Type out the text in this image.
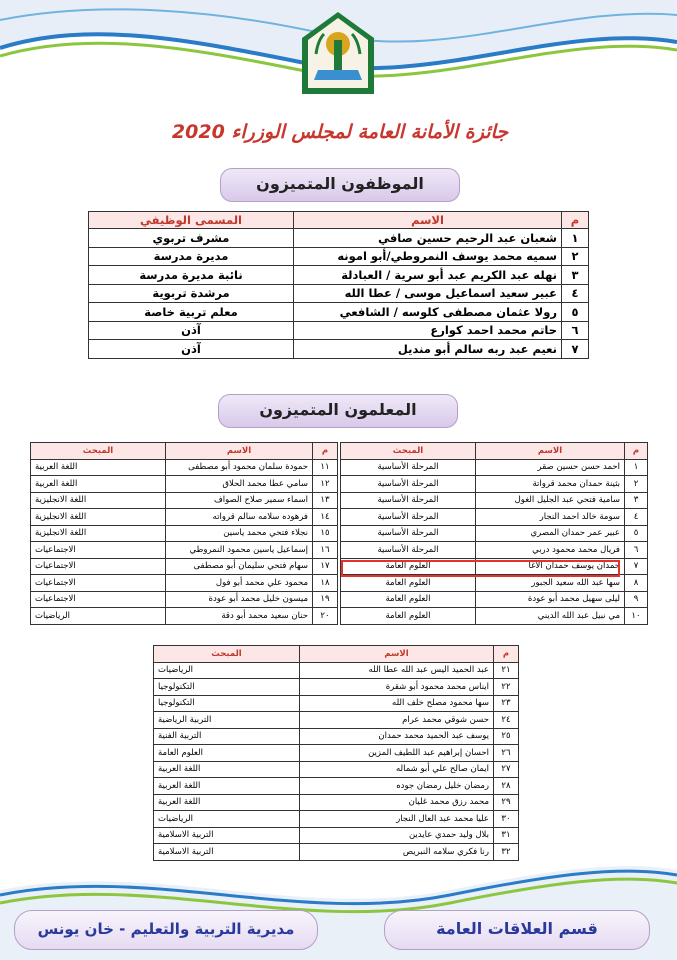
جائزة الأمانة العامة لمجلس الوزراء 2020
الموظفون المتميزون
م	الاسم	المسمى الوظيفي
١	شعبان عبد الرحيم حسين صافي	مشرف تربوي
٢	سميه محمد يوسف النمروطي/أبو امونه	مديرة مدرسة
٣	نهله عبد الكريم عبد أبو سرية / العبادلة	نائبة مديرة مدرسة
٤	عبير سعيد اسماعيل موسى / عطا الله	مرشدة تربوية
٥	رولا عثمان مصطفى كلوسه / الشافعي	معلم تربية خاصة
٦	حاتم محمد احمد كوارع	آذن
٧	نعيم عبد ربه سالم أبو منديل	آذن
المعلمون المتميزون
م	الاسم	المبحث
١	احمد حسن حسين صقر	المرحلة الأساسية
٢	بثينة حمدان محمد قرواتة	المرحلة الأساسية
٣	سامية فتحي عبد الجليل الغول	المرحلة الأساسية
٤	سومة خالد احمد النجار	المرحلة الأساسية
٥	عبير عمر حمدان المصري	المرحلة الأساسية
٦	فريال محمد محمود دربي	المرحلة الأساسية
٧	حمدان يوسف حمدان الأغا	العلوم العامة
٨	سها عبد الله سعيد الجبور	العلوم العامة
٩	ليلى سهيل محمد أبو عودة	العلوم العامة
١٠	مي نبيل عبد الله الديني	العلوم العامة
م	الاسم	المبحث
١١	حمودة سلمان محمود أبو مصطفى	اللغة العربية
١٢	سامي عطا محمد الحلاق	اللغة العربية
١٣	اسماء سمير صلاح الصواف	اللغة الانجليزية
١٤	فرهوده سلامه سالم قرواته	اللغة الانجليزية
١٥	نجلاء فتحي محمد ياسين	اللغة الانجليزية
١٦	إسماعيل ياسين محمود النمروطي	الاجتماعيات
١٧	سهام فتحي سليمان أبو مصطفى	الاجتماعيات
١٨	محمود علي محمد أبو فول	الاجتماعيات
١٩	ميسون خليل محمد أبو عودة	الاجتماعيات
٢٠	حنان سعيد محمد أبو دقة	الرياضيات
م	الاسم	المبحث
٢١	عبد الحميد اليس عبد الله عطا الله	الرياضيات
٢٢	ايناس محمد محمود أبو شقرة	التكنولوجيا
٢٣	سها محمود مصلح خلف الله	التكنولوجيا
٢٤	حسن شوقي محمد عرام	التربية الرياضية
٢٥	يوسف عبد الحميد محمد حمدان	التربية الفنية
٢٦	احسان إبراهيم عبد اللطيف المزين	العلوم العامة
٢٧	ايمان صالح علي أبو شماله	اللغة العربية
٢٨	رمضان خليل رمضان جوده	اللغة العربية
٢٩	محمد رزق محمد غليان	اللغة العربية
٣٠	عليا محمد عبد العال النجار	الرياضيات
٣١	بلال وليد حمدي عايدين	التربية الاسلامية
٣٢	رنا فكري سلامه النبريص	التربية الاسلامية
قسم العلاقات العامة
مديرية التربية والتعليم - خان يونس
